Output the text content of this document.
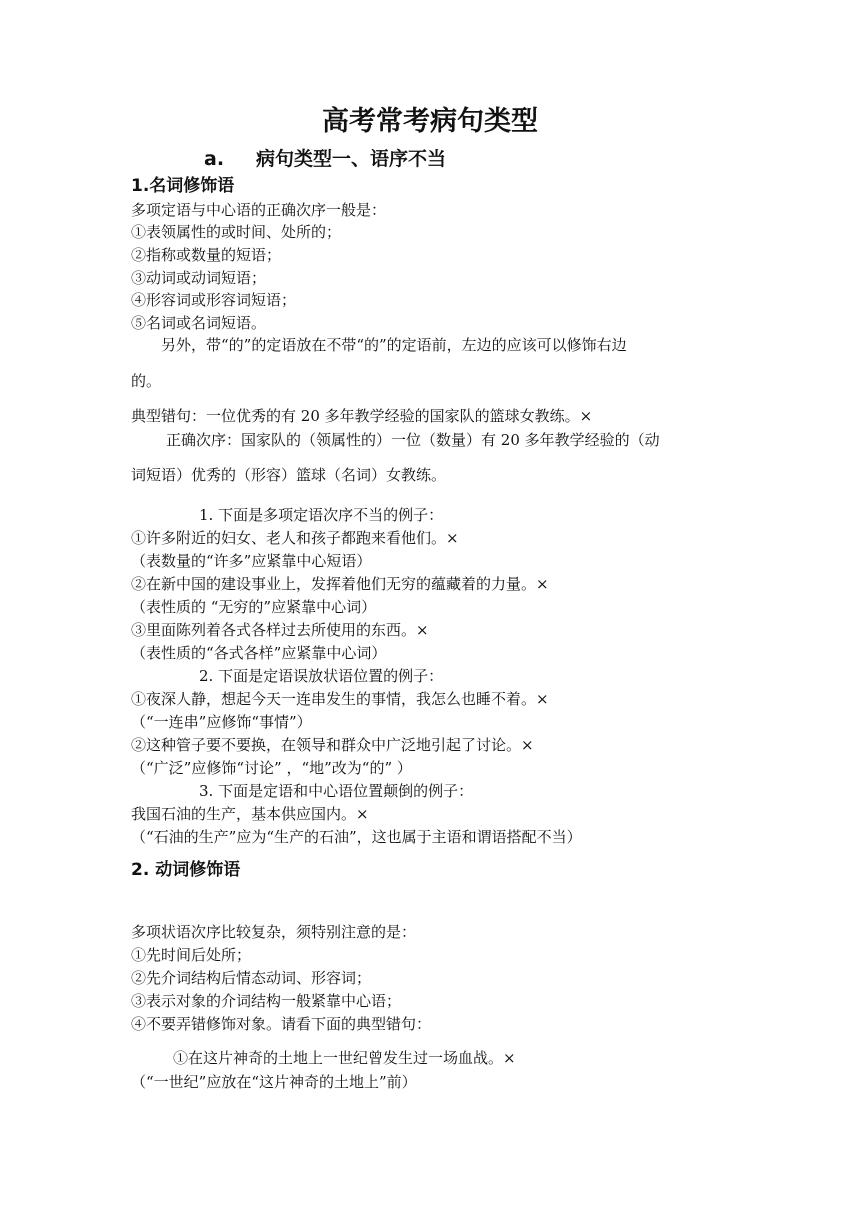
高考常考病句类型
a. 病句类型一、语序不当
1.名词修饰语
多项定语与中心语的正确次序一般是：
①表领属性的或时间、处所的；
②指称或数量的短语；
③动词或动词短语；
④形容词或形容词短语；
⑤名词或名词短语。
另外，带“的”的定语放在不带“的”的定语前，左边的应该可以修饰右边
的。
典型错句：一位优秀的有 20 多年教学经验的国家队的篮球女教练。×
正确次序：国家队的（领属性的）一位（数量）有 20 多年教学经验的（动
词短语）优秀的（形容）篮球（名词）女教练。
1. 下面是多项定语次序不当的例子：
①许多附近的妇女、老人和孩子都跑来看他们。×
（表数量的“许多”应紧靠中心短语）
②在新中国的建设事业上，发挥着他们无穷的蕴藏着的力量。×
（表性质的 “无穷的”应紧靠中心词）
③里面陈列着各式各样过去所使用的东西。×
（表性质的“各式各样”应紧靠中心词）
2. 下面是定语误放状语位置的例子：
①夜深人静，想起今天一连串发生的事情，我怎么也睡不着。×
（“一连串”应修饰“事情”）
②这种管子要不要换，在领导和群众中广泛地引起了讨论。×
（“广泛”应修饰“讨论” ，“地”改为“的” ）
3. 下面是定语和中心语位置颠倒的例子：
我国石油的生产，基本供应国内。×
（“石油的生产”应为“生产的石油”，这也属于主语和谓语搭配不当）
2. 动词修饰语
多项状语次序比较复杂，须特别注意的是：
①先时间后处所；
②先介词结构后情态动词、形容词；
③表示对象的介词结构一般紧靠中心语；
④不要弄错修饰对象。请看下面的典型错句：
①在这片神奇的土地上一世纪曾发生过一场血战。×
（“一世纪”应放在“这片神奇的土地上”前）
